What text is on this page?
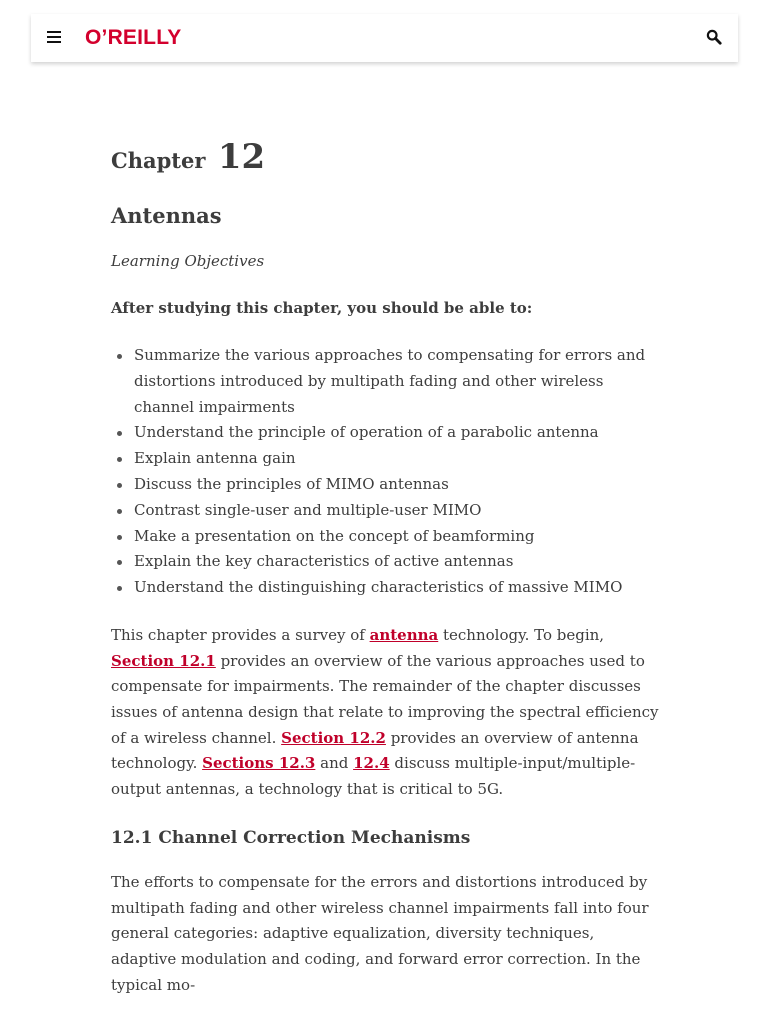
O’REILLY
Chapter 12
Antennas

Learning Objectives

After studying this chapter, you should be able to:

Summarize the various approaches to compensating for errors and distortions introduced by multipath fading and other wireless channel impairments
Understand the principle of operation of a parabolic antenna
Explain antenna gain
Discuss the principles of MIMO antennas
Contrast single-user and multiple-user MIMO
Make a presentation on the concept of beamforming
Explain the key characteristics of active antennas
Understand the distinguishing characteristics of massive MIMO

This chapter provides a survey of antenna technology. To begin, Section 12.1 provides an overview of the various approaches used to compensate for impairments. The remainder of the chapter discusses issues of antenna design that relate to improving the spectral efficiency of a wireless channel. Section 12.2 provides an overview of antenna technology. Sections 12.3 and 12.4 discuss multiple-input/multiple-output antennas, a technology that is critical to 5G.

12.1 Channel Correction Mechanisms

The efforts to compensate for the errors and distortions introduced by multipath fading and other wireless channel impairments fall into four general categories: adaptive equalization, diversity techniques, adaptive modulation and coding, and forward error correction. In the typical mo-
